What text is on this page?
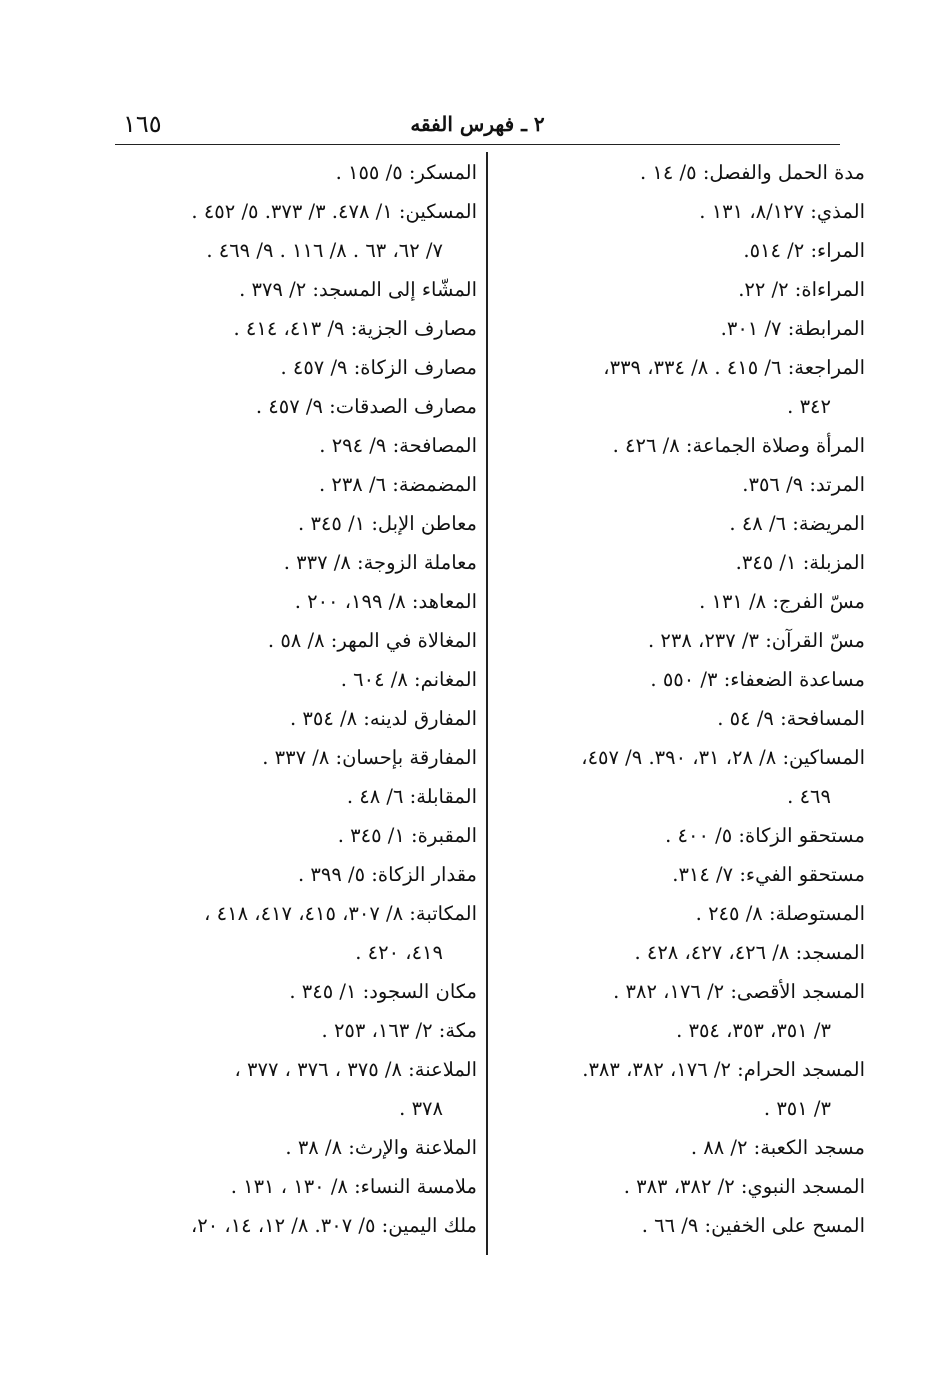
٢ ـ فهرس الفقه
١٦٥
مدة الحمل والفصل: ٥/ ١٤ .
المذي: ٨/١٢٧، ١٣١ .
المراء: ٢/ ٥١٤.
المراءاة: ٢/ ٢٢.
المرابطة: ٧/ ٣٠١.
المراجعة: ٦/ ٤١٥ . ٨/ ٣٣٤، ٣٣٩،
٣٤٢ .
المرأة وصلاة الجماعة: ٨/ ٤٢٦ .
المرتد: ٩/ ٣٥٦.
المريضة: ٦/ ٤٨ .
المزبلة: ١/ ٣٤٥.
مسّ الفرج: ٨/ ١٣١ .
مسّ القرآن: ٣/ ٢٣٧، ٢٣٨ .
مساعدة الضعفاء: ٣/ ٥٥٠ .
المسافحة: ٩/ ٥٤ .
المساكين: ٨/ ٢٨، ٣١، ٣٩٠. ٩/ ٤٥٧،
٤٦٩ .
مستحقو الزكاة: ٥/ ٤٠٠ .
مستحقو الفيء: ٧/ ٣١٤.
المستوصلة: ٨/ ٢٤٥ .
المسجد: ٨/ ٤٢٦، ٤٢٧، ٤٢٨ .
المسجد الأقصى: ٢/ ١٧٦، ٣٨٢ .
٣/ ٣٥١، ٣٥٣، ٣٥٤ .
المسجد الحرام: ٢/ ١٧٦، ٣٨٢، ٣٨٣.
٣/ ٣٥١ .
مسجد الكعبة: ٢/ ٨٨ .
المسجد النبوي: ٢/ ٣٨٢، ٣٨٣ .
المسح على الخفين: ٩/ ٦٦ .
المسكر: ٥/ ١٥٥ .
المسكين: ١/ ٤٧٨. ٣/ ٣٧٣. ٥/ ٤٥٢ .
٧/ ٦٢، ٦٣ . ٨/ ١١٦ . ٩/ ٤٦٩ .
المشّاء إلى المسجد: ٢/ ٣٧٩ .
مصارف الجزية: ٩/ ٤١٣، ٤١٤ .
مصارف الزكاة: ٩/ ٤٥٧ .
مصارف الصدقات: ٩/ ٤٥٧ .
المصافحة: ٩/ ٢٩٤ .
المضمضة: ٦/ ٢٣٨ .
معاطن الإبل: ١/ ٣٤٥ .
معاملة الزوجة: ٨/ ٣٣٧ .
المعاهد: ٨/ ١٩٩، ٢٠٠ .
المغالاة في المهر: ٨/ ٥٨ .
المغانم: ٨/ ٦٠٤ .
المفارق لدينه: ٨/ ٣٥٤ .
المفارقة بإحسان: ٨/ ٣٣٧ .
المقابلة: ٦/ ٤٨ .
المقبرة: ١/ ٣٤٥ .
مقدار الزكاة: ٥/ ٣٩٩ .
المكاتبة: ٨/ ٣٠٧، ٤١٥، ٤١٧، ٤١٨ ،
٤١٩، ٤٢٠ .
مكان السجود: ١/ ٣٤٥ .
مكة: ٢/ ١٦٣، ٢٥٣ .
الملاعنة: ٨/ ٣٧٥ ، ٣٧٦ ، ٣٧٧ ،
٣٧٨ .
الملاعنة والإرث: ٨/ ٣٨ .
ملامسة النساء: ٨/ ١٣٠ ، ١٣١ .
ملك اليمين: ٥/ ٣٠٧. ٨/ ١٢، ١٤، ٢٠،
